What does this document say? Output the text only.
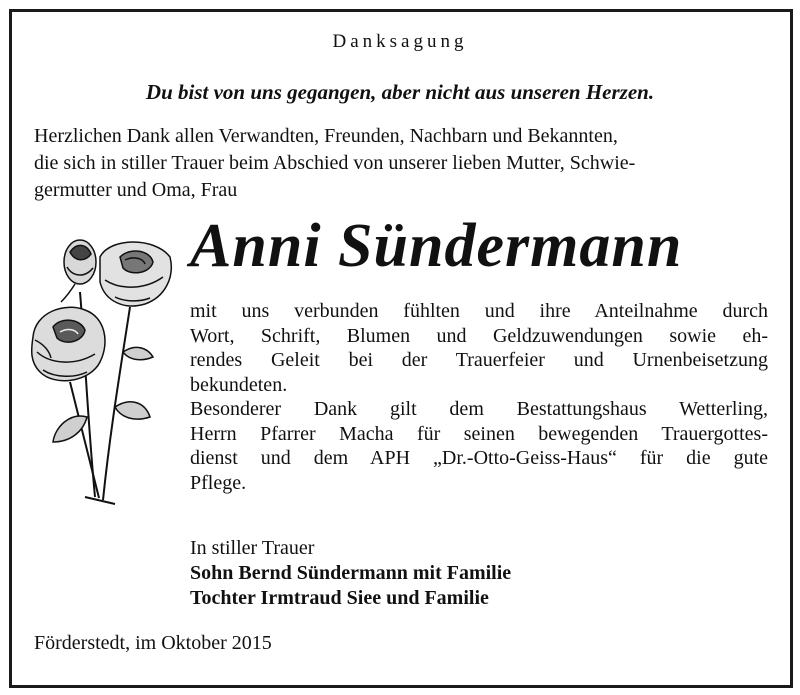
Danksagung
Du bist von uns gegangen, aber nicht aus unseren Herzen.
Herzlichen Dank allen Verwandten, Freunden, Nachbarn und Bekannten,
die sich in stiller Trauer beim Abschied von unserer lieben Mutter, Schwie-
germutter und Oma, Frau
Anni Sündermann
mit uns verbunden fühlten und ihre Anteilnahme durch
Wort, Schrift, Blumen und Geldzuwendungen sowie eh-
rendes Geleit bei der Trauerfeier und Urnenbeisetzung
bekundeten.
Besonderer Dank gilt dem Bestattungshaus Wetterling,
Herrn Pfarrer Macha für seinen bewegenden Trauergottes-
dienst und dem APH „Dr.-Otto-Geiss-Haus“ für die gute
Pflege.
In stiller Trauer
Sohn Bernd Sündermann mit Familie
Tochter Irmtraud Siee und Familie
Förderstedt, im Oktober 2015
